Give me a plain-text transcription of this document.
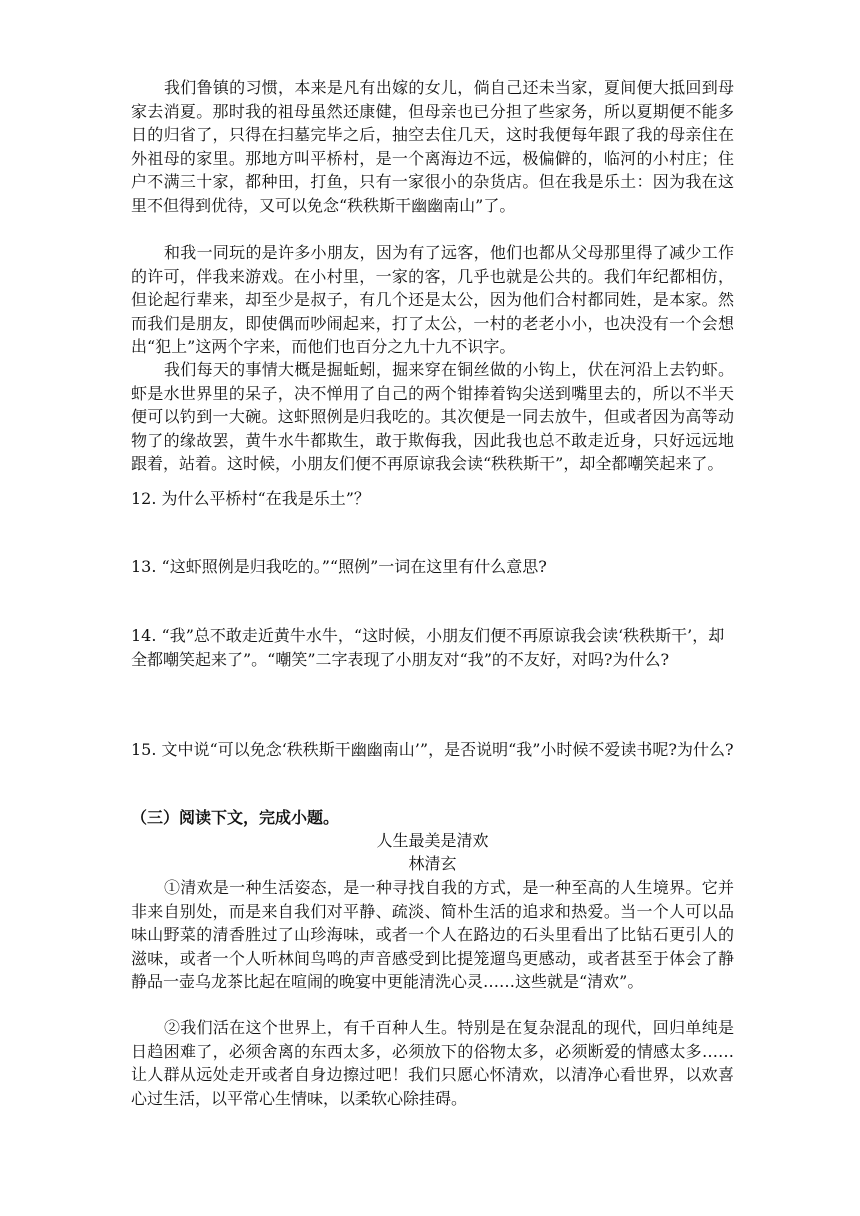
我们鲁镇的习惯，本来是凡有出嫁的女儿，倘自己还未当家，夏间便大抵回到母家去消夏。那时我的祖母虽然还康健，但母亲也已分担了些家务，所以夏期便不能多日的归省了，只得在扫墓完毕之后，抽空去住几天，这时我便每年跟了我的母亲住在外祖母的家里。那地方叫平桥村，是一个离海边不远，极偏僻的，临河的小村庄；住户不满三十家，都种田，打鱼，只有一家很小的杂货店。但在我是乐土：因为我在这里不但得到优待，又可以免念“秩秩斯干幽幽南山”了。

和我一同玩的是许多小朋友，因为有了远客，他们也都从父母那里得了减少工作的许可，伴我来游戏。在小村里，一家的客，几乎也就是公共的。我们年纪都相仿，但论起行辈来，却至少是叔子，有几个还是太公，因为他们合村都同姓，是本家。然而我们是朋友，即使偶而吵闹起来，打了太公，一村的老老小小，也决没有一个会想出“犯上”这两个字来，而他们也百分之九十九不识字。

我们每天的事情大概是掘蚯蚓，掘来穿在铜丝做的小钩上，伏在河沿上去钓虾。虾是水世界里的呆子，决不惮用了自己的两个钳捧着钩尖送到嘴里去的，所以不半天便可以钓到一大碗。这虾照例是归我吃的。其次便是一同去放牛，但或者因为高等动物了的缘故罢，黄牛水牛都欺生，敢于欺侮我，因此我也总不敢走近身，只好远远地跟着，站着。这时候，小朋友们便不再原谅我会读“秩秩斯干”，却全都嘲笑起来了。

12. 为什么平桥村“在我是乐土”？

13. “这虾照例是归我吃的。”“照例”一词在这里有什么意思?

14. “我”总不敢走近黄牛水牛，“这时候，小朋友们便不再原谅我会读‘秩秩斯干’，却全都嘲笑起来了”。“嘲笑”二字表现了小朋友对“我”的不友好，对吗?为什么?

15. 文中说“可以免念‘秩秩斯干幽幽南山’”，是否说明“我”小时候不爱读书呢?为什么?

（三）阅读下文，完成小题。

人生最美是清欢

林清玄

①清欢是一种生活姿态，是一种寻找自我的方式，是一种至高的人生境界。它并非来自别处，而是来自我们对平静、疏淡、简朴生活的追求和热爱。当一个人可以品味山野菜的清香胜过了山珍海味，或者一个人在路边的石头里看出了比钻石更引人的滋味，或者一个人听林间鸟鸣的声音感受到比提笼遛鸟更感动，或者甚至于体会了静静品一壶乌龙茶比起在喧闹的晚宴中更能清洗心灵……这些就是“清欢”。

②我们活在这个世界上，有千百种人生。特别是在复杂混乱的现代，回归单纯是日趋困难了，必须舍离的东西太多，必须放下的俗物太多，必须断爱的情感太多……让人群从远处走开或者自身边擦过吧！我们只愿心怀清欢，以清净心看世界，以欢喜心过生活，以平常心生情味，以柔软心除挂碍。
